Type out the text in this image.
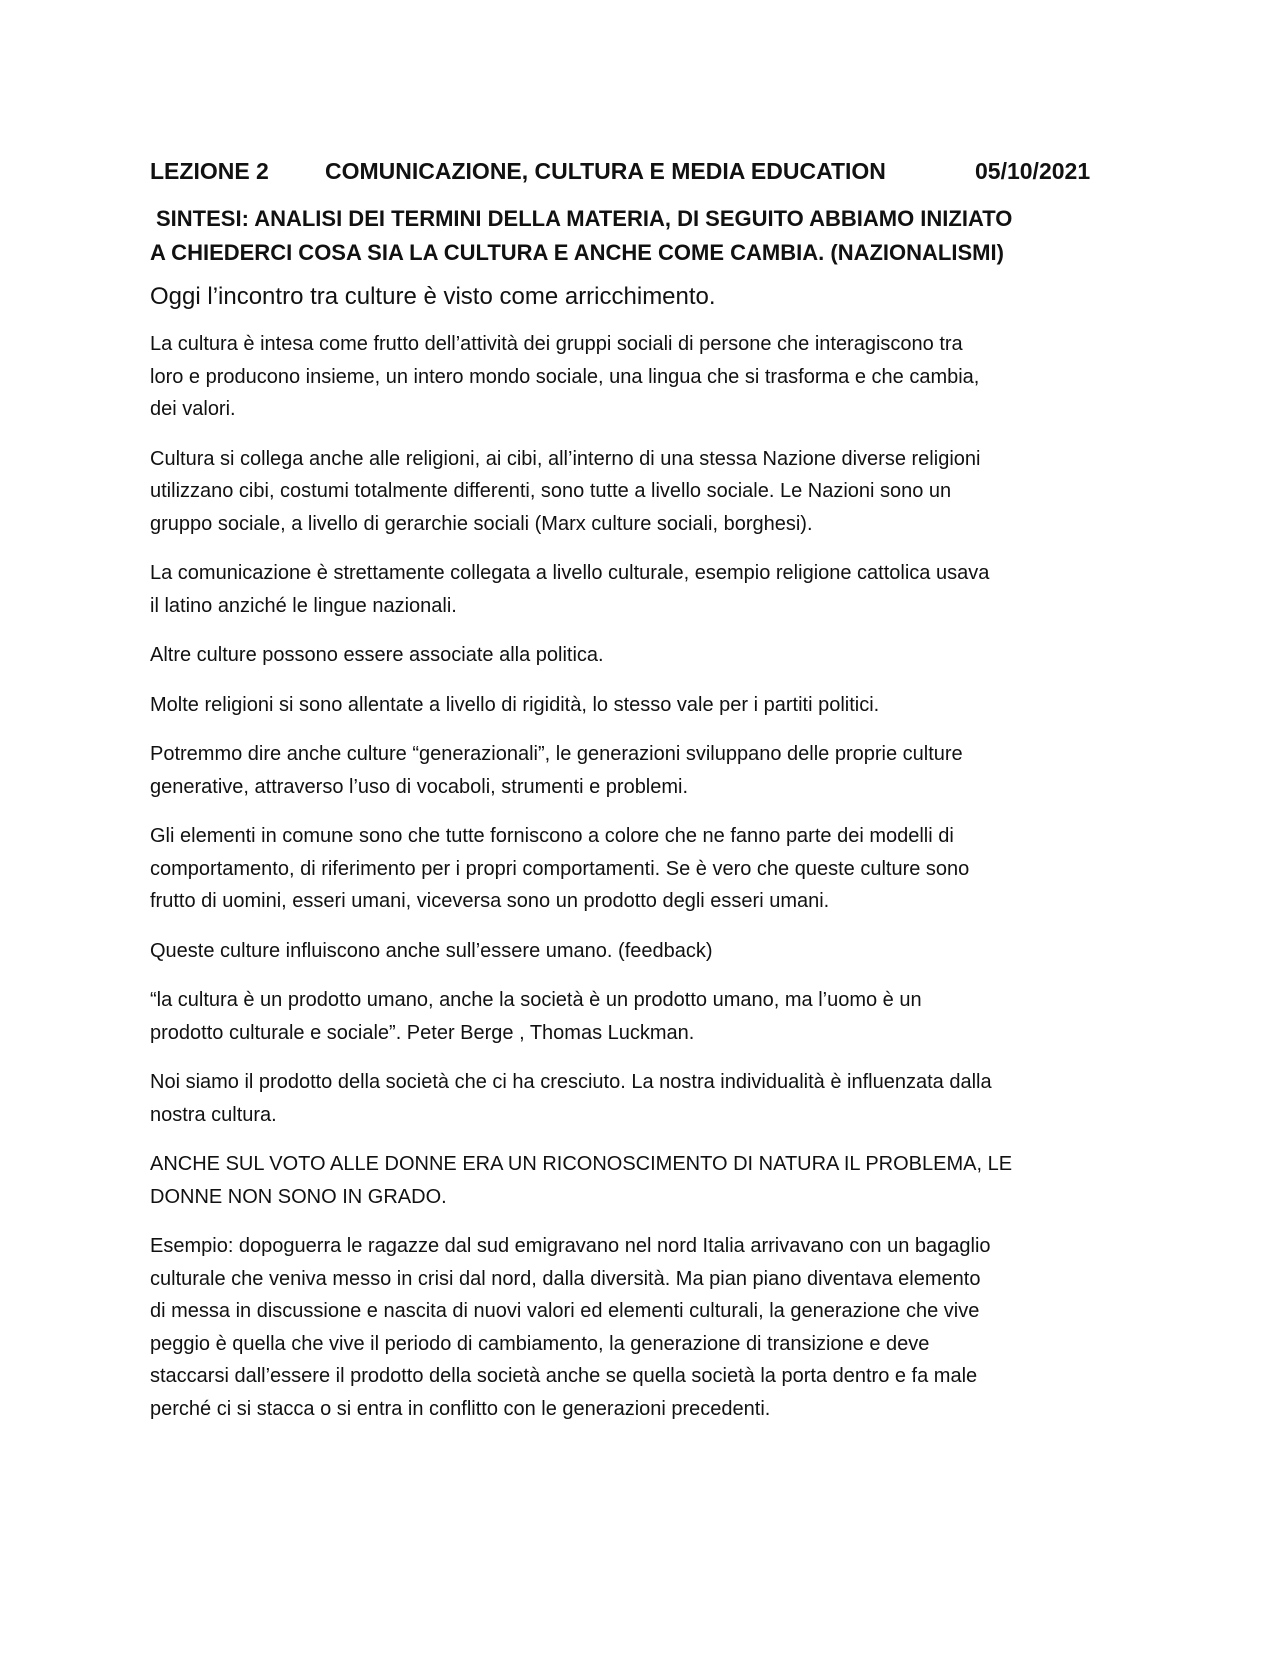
LEZIONE 2	COMUNICAZIONE, CULTURA E MEDIA EDUCATION	05/10/2021
SINTESI: ANALISI DEI TERMINI DELLA MATERIA, DI SEGUITO ABBIAMO INIZIATO
A CHIEDERCI COSA SIA LA CULTURA E ANCHE COME CAMBIA. (NAZIONALISMI)
Oggi l’incontro tra culture è visto come arricchimento.
La cultura è intesa come frutto dell’attività dei gruppi sociali di persone che interagiscono tra
loro e producono insieme, un intero mondo sociale, una lingua che si trasforma e che cambia,
dei valori.
Cultura si collega anche alle religioni, ai cibi, all’interno di una stessa Nazione diverse religioni
utilizzano cibi, costumi totalmente differenti, sono tutte a livello sociale. Le Nazioni sono un
gruppo sociale, a livello di gerarchie sociali (Marx culture sociali, borghesi).
La comunicazione è strettamente collegata a livello culturale, esempio religione cattolica usava
il latino anziché le lingue nazionali.
Altre culture possono essere associate alla politica.
Molte religioni si sono allentate a livello di rigidità, lo stesso vale per i partiti politici.
Potremmo dire anche culture “generazionali”, le generazioni sviluppano delle proprie culture
generative, attraverso l’uso di vocaboli, strumenti e problemi.
Gli elementi in comune sono che tutte forniscono a colore che ne fanno parte dei modelli di
comportamento, di riferimento per i propri comportamenti. Se è vero che queste culture sono
frutto di uomini, esseri umani, viceversa sono un prodotto degli esseri umani.
Queste culture influiscono anche sull’essere umano. (feedback)
“la cultura è un prodotto umano, anche la società è un prodotto umano, ma l’uomo è un
prodotto culturale e sociale”. Peter Berge , Thomas Luckman.
Noi siamo il prodotto della società che ci ha cresciuto. La nostra individualità è influenzata dalla
nostra cultura.
ANCHE SUL VOTO ALLE DONNE ERA UN RICONOSCIMENTO DI NATURA IL PROBLEMA, LE
DONNE NON SONO IN GRADO.
Esempio: dopoguerra le ragazze dal sud emigravano nel nord Italia arrivavano con un bagaglio
culturale che veniva messo in crisi dal nord, dalla diversità. Ma pian piano diventava elemento
di messa in discussione e nascita di nuovi valori ed elementi culturali, la generazione che vive
peggio è quella che vive il periodo di cambiamento, la generazione di transizione e deve
staccarsi dall’essere il prodotto della società anche se quella società la porta dentro e fa male
perché ci si stacca o si entra in conflitto con le generazioni precedenti.
